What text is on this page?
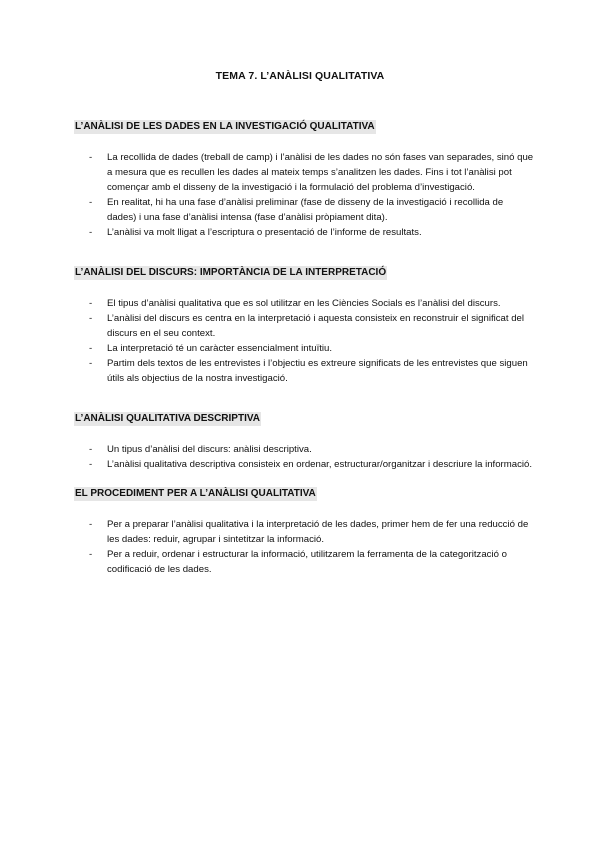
TEMA 7. L’ANÀLISI QUALITATIVA
L’ANÀLISI DE LES DADES EN LA INVESTIGACIÓ QUALITATIVA
- La recollida de dades (treball de camp) i l’anàlisi de les dades no són fases van separades, sinó que a mesura que es recullen les dades al mateix temps s’analitzen les dades. Fins i tot l’anàlisi pot començar amb el disseny de la investigació i la formulació del problema d’investigació.
- En realitat, hi ha una fase d’anàlisi preliminar (fase de disseny de la investigació i recollida de dades) i una fase d’anàlisi intensa (fase d’anàlisi pròpiament dita).
- L’anàlisi va molt lligat a l’escriptura o presentació de l’informe de resultats.
L’ANÀLISI DEL DISCURS: IMPORTÀNCIA DE LA INTERPRETACIÓ
- El tipus d’anàlisi qualitativa que es sol utilitzar en les Ciències Socials es l’anàlisi del discurs.
- L’anàlisi del discurs es centra en la interpretació i aquesta consisteix en reconstruir el significat del discurs en el seu context.
- La interpretació té un caràcter essencialment intuïtiu.
- Partim dels textos de les entrevistes i l’objectiu es extreure significats de les entrevistes que siguen útils als objectius de la nostra investigació.
L’ANÀLISI QUALITATIVA DESCRIPTIVA
- Un tipus d’anàlisi del discurs: anàlisi descriptiva.
- L’anàlisi qualitativa descriptiva consisteix en ordenar, estructurar/organitzar i descriure la informació.
EL PROCEDIMENT PER A L’ANÀLISI QUALITATIVA
- Per a preparar l’anàlisi qualitativa i la interpretació de les dades, primer hem de fer una reducció de les dades: reduir, agrupar i sintetitzar la informació.
- Per a reduir, ordenar i estructurar la informació, utilitzarem la ferramenta de la categorització o codificació de les dades.
